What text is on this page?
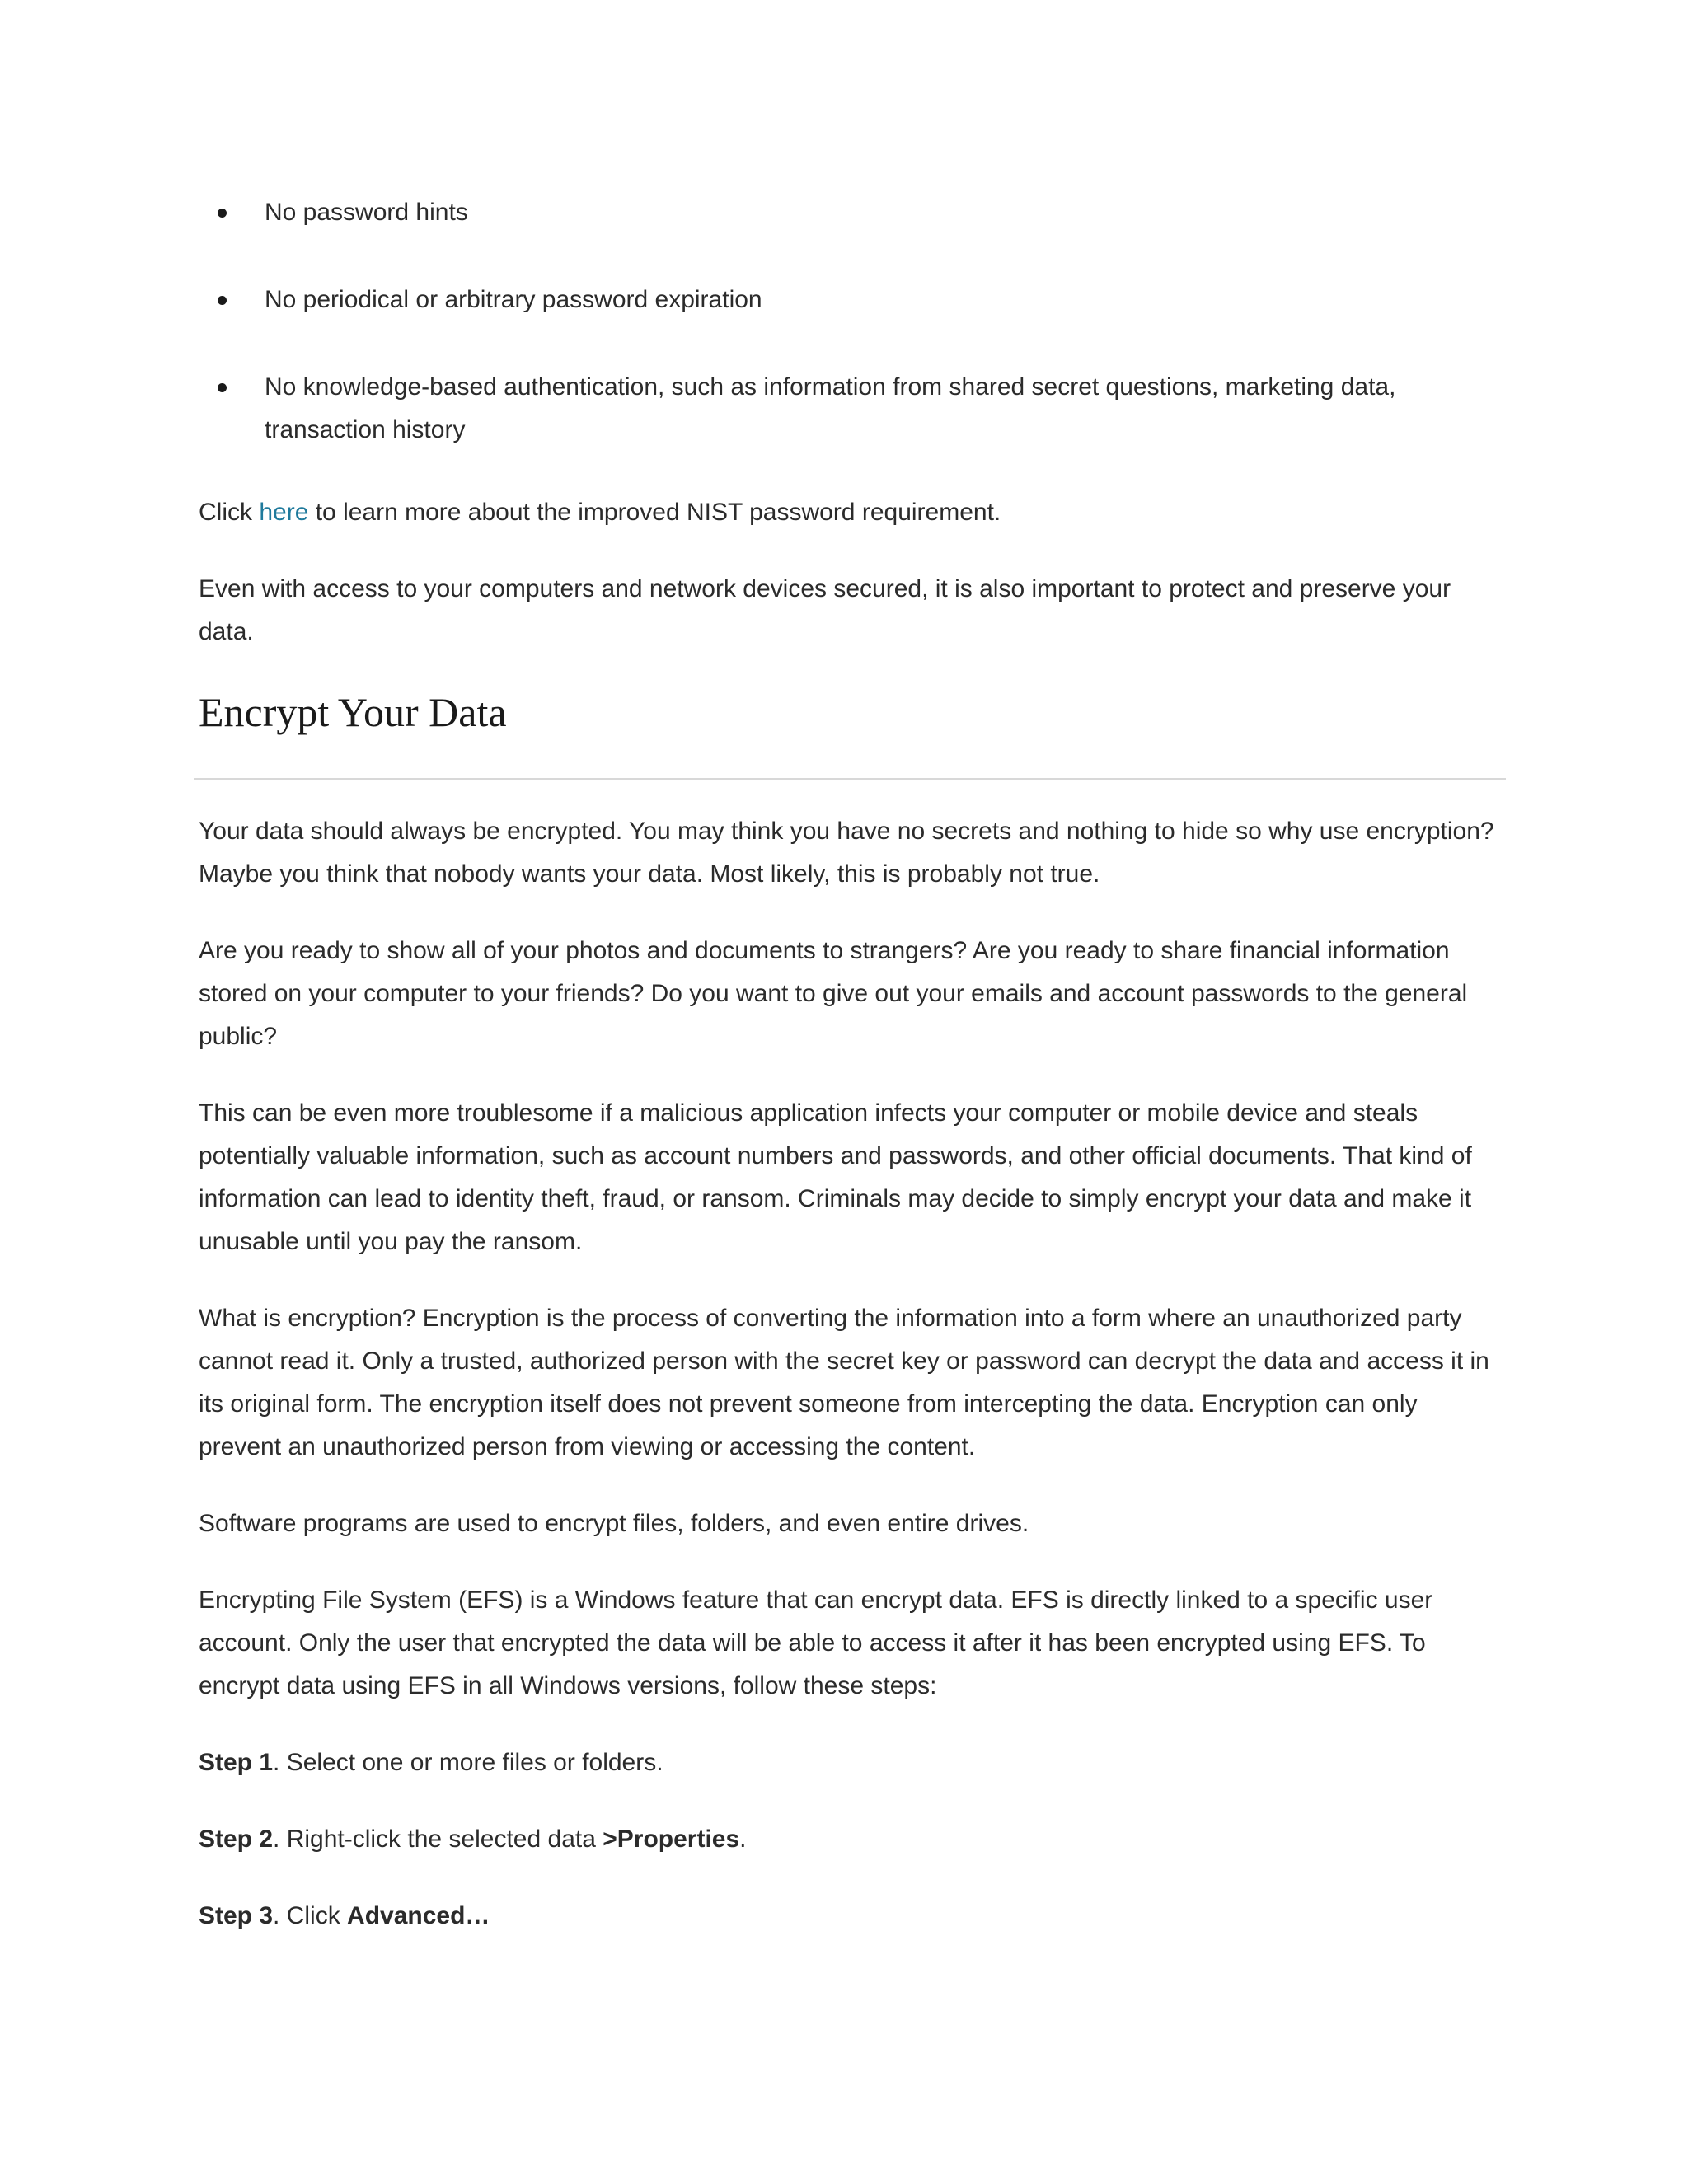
No password hints
No periodical or arbitrary password expiration
No knowledge-based authentication, such as information from shared secret questions, marketing data, transaction history

Click here to learn more about the improved NIST password requirement.

Even with access to your computers and network devices secured, it is also important to protect and preserve your data.

Encrypt Your Data

Your data should always be encrypted. You may think you have no secrets and nothing to hide so why use encryption? Maybe you think that nobody wants your data. Most likely, this is probably not true.

Are you ready to show all of your photos and documents to strangers? Are you ready to share financial information stored on your computer to your friends? Do you want to give out your emails and account passwords to the general public?

This can be even more troublesome if a malicious application infects your computer or mobile device and steals potentially valuable information, such as account numbers and passwords, and other official documents. That kind of information can lead to identity theft, fraud, or ransom. Criminals may decide to simply encrypt your data and make it unusable until you pay the ransom.

What is encryption? Encryption is the process of converting the information into a form where an unauthorized party cannot read it. Only a trusted, authorized person with the secret key or password can decrypt the data and access it in its original form. The encryption itself does not prevent someone from intercepting the data. Encryption can only prevent an unauthorized person from viewing or accessing the content.

Software programs are used to encrypt files, folders, and even entire drives.

Encrypting File System (EFS) is a Windows feature that can encrypt data. EFS is directly linked to a specific user account. Only the user that encrypted the data will be able to access it after it has been encrypted using EFS. To encrypt data using EFS in all Windows versions, follow these steps:

Step 1. Select one or more files or folders.

Step 2. Right-click the selected data >Properties.

Step 3. Click Advanced…
